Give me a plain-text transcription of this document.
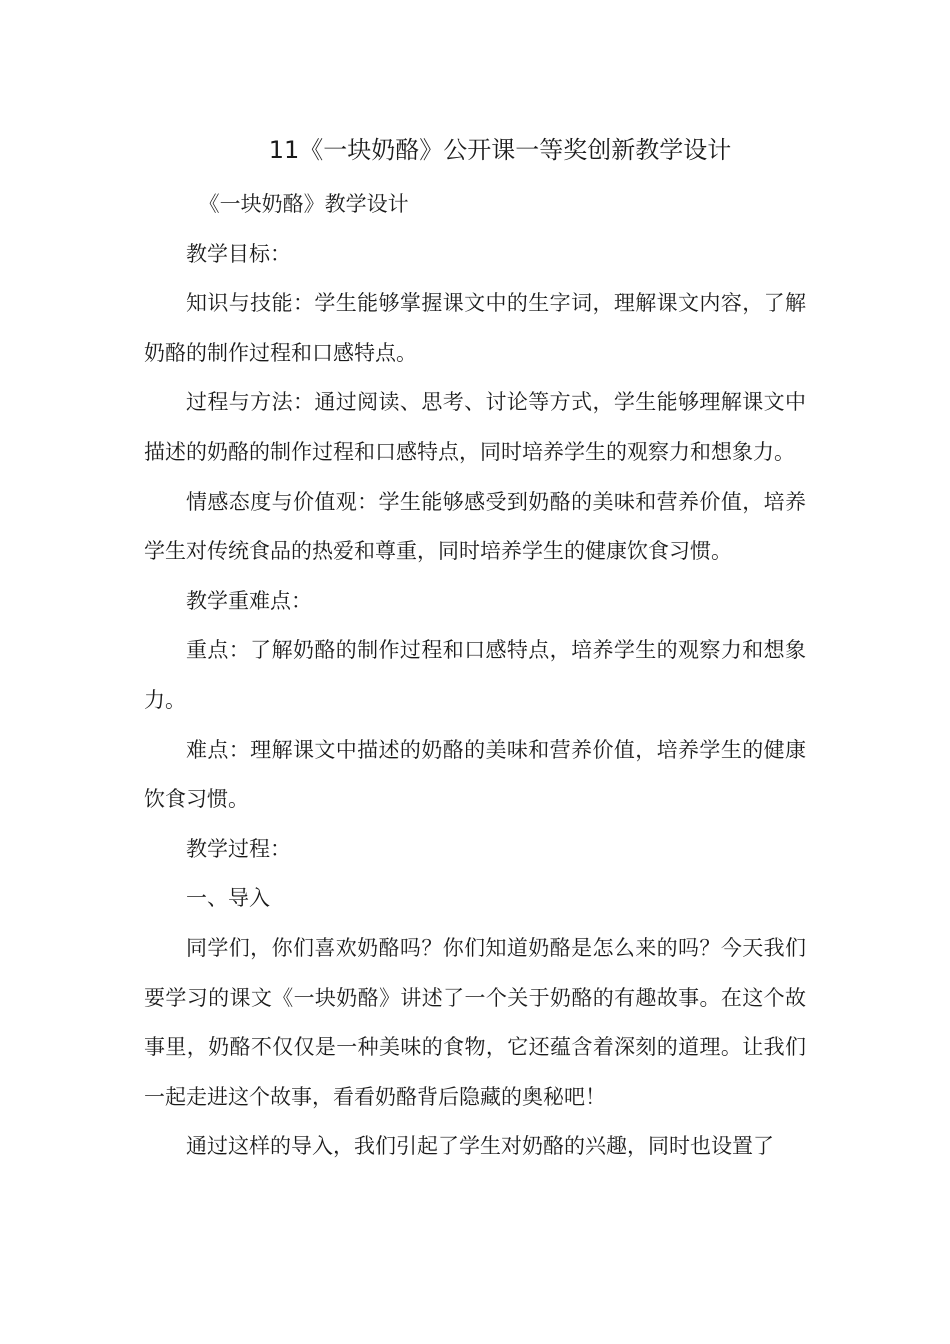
11《一块奶酪》公开课一等奖创新教学设计

《一块奶酪》教学设计

教学目标：

知识与技能：学生能够掌握课文中的生字词，理解课文内容，了解奶酪的制作过程和口感特点。

过程与方法：通过阅读、思考、讨论等方式，学生能够理解课文中描述的奶酪的制作过程和口感特点，同时培养学生的观察力和想象力。

情感态度与价值观：学生能够感受到奶酪的美味和营养价值，培养学生对传统食品的热爱和尊重，同时培养学生的健康饮食习惯。

教学重难点：

重点：了解奶酪的制作过程和口感特点，培养学生的观察力和想象力。

难点：理解课文中描述的奶酪的美味和营养价值，培养学生的健康饮食习惯。

教学过程：

一、导入

同学们，你们喜欢奶酪吗？你们知道奶酪是怎么来的吗？今天我们要学习的课文《一块奶酪》讲述了一个关于奶酪的有趣故事。在这个故事里，奶酪不仅仅是一种美味的食物，它还蕴含着深刻的道理。让我们一起走进这个故事，看看奶酪背后隐藏的奥秘吧！

通过这样的导入，我们引起了学生对奶酪的兴趣，同时也设置了
